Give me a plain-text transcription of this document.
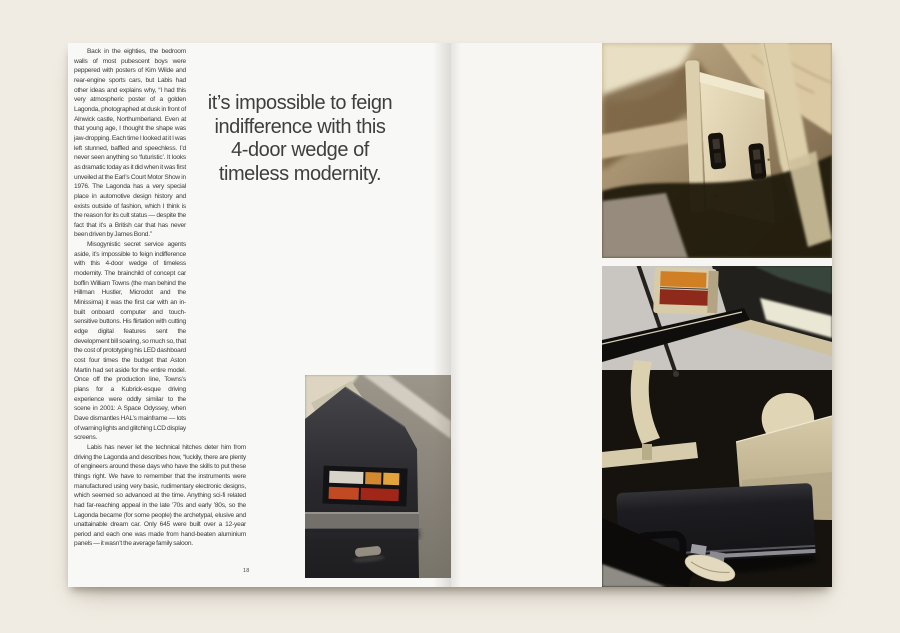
Back in the eighties, the bedroom walls of most pubescent boys were peppered with posters of Kim Wilde and rear-engine sports cars, but Labis had other ideas and explains why, “I had this very atmospheric poster of a golden Lagonda, photographed at dusk in front of Alnwick castle, Northumberland. Even at that young age, I thought the shape was jaw-dropping. Each time I looked at it I was left stunned, baffled and speechless. I’d never seen anything so ‘futuristic’. It looks as dramatic today as it did when it was first unveiled at the Earl’s Court Motor Show in 1976. The Lagonda has a very special place in automotive design history and exists outside of fashion, which I think is the reason for its cult status — despite the fact that it’s a British car that has never been driven by James Bond.”

Misogynistic secret service agents aside, it’s impossible to feign indifference with this 4-door wedge of timeless modernity. The brainchild of concept car boffin William Towns (the man behind the Hillman Hustler, Microdot and the Minissima) it was the first car with an in-built onboard computer and touch-sensitive buttons. His flirtation with cutting edge digital features sent the development bill soaring, so much so, that the cost of prototyping his LED dashboard cost four times the budget that Aston Martin had set aside for the entire model. Once off the production line, Towns’s plans for a Kubrick-esque driving experience were oddly similar to the scene in 2001: A Space Odyssey, when Dave dismantles HAL’s mainframe — lots of warning lights and glitching LCD display screens.

Labis has never let the technical hitches deter him from driving the Lagonda and describes how, “luckily, there are plenty of engineers around these days who have the skills to put these things right. We have to remember that the instruments were manufactured using very basic, rudimentary electronic designs, which seemed so advanced at the time. Anything sci-fi related had far-reaching appeal in the late ’70s and early ’80s, so the Lagonda became (for some people) the archetypal, elusive and unattainable dream car. Only 645 were built over a 12-year period and each one was made from hand-beaten aluminium panels — it wasn’t the average family saloon.

it’s impossible to feign
indifference with this
4-door wedge of
timeless modernity.
18
